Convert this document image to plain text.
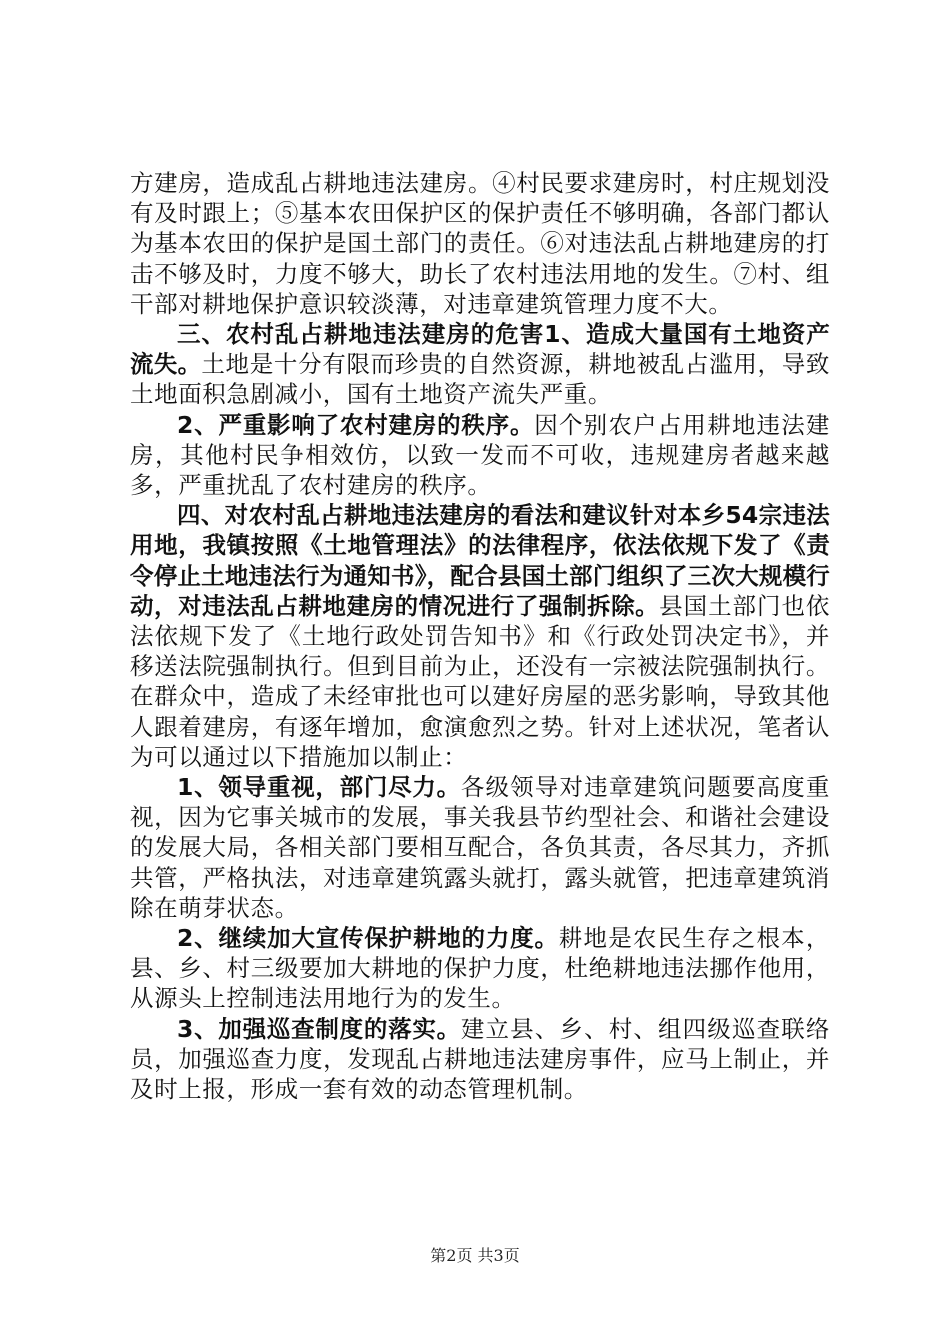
方建房，造成乱占耕地违法建房。④村民要求建房时，村庄规划没有及时跟上；⑤基本农田保护区的保护责任不够明确，各部门都认为基本农田的保护是国土部门的责任。⑥对违法乱占耕地建房的打击不够及时，力度不够大，助长了农村违法用地的发生。⑦村、组干部对耕地保护意识较淡薄，对违章建筑管理力度不大。

三、农村乱占耕地违法建房的危害1、造成大量国有土地资产流失。土地是十分有限而珍贵的自然资源，耕地被乱占滥用，导致土地面积急剧减小，国有土地资产流失严重。

2、严重影响了农村建房的秩序。因个别农户占用耕地违法建房，其他村民争相效仿，以致一发而不可收，违规建房者越来越多，严重扰乱了农村建房的秩序。

四、对农村乱占耕地违法建房的看法和建议针对本乡54宗违法用地，我镇按照《土地管理法》的法律程序，依法依规下发了《责令停止土地违法行为通知书》，配合县国土部门组织了三次大规模行动，对违法乱占耕地建房的情况进行了强制拆除。县国土部门也依法依规下发了《土地行政处罚告知书》和《行政处罚决定书》，并移送法院强制执行。但到目前为止，还没有一宗被法院强制执行。在群众中，造成了未经审批也可以建好房屋的恶劣影响，导致其他人跟着建房，有逐年增加，愈演愈烈之势。针对上述状况，笔者认为可以通过以下措施加以制止：

1、领导重视，部门尽力。各级领导对违章建筑问题要高度重视，因为它事关城市的发展，事关我县节约型社会、和谐社会建设的发展大局，各相关部门要相互配合，各负其责，各尽其力，齐抓共管，严格执法，对违章建筑露头就打，露头就管，把违章建筑消除在萌芽状态。

2、继续加大宣传保护耕地的力度。耕地是农民生存之根本，县、乡、村三级要加大耕地的保护力度，杜绝耕地违法挪作他用，从源头上控制违法用地行为的发生。

3、加强巡查制度的落实。建立县、乡、村、组四级巡查联络员，加强巡查力度，发现乱占耕地违法建房事件，应马上制止，并及时上报，形成一套有效的动态管理机制。

第2页 共3页
